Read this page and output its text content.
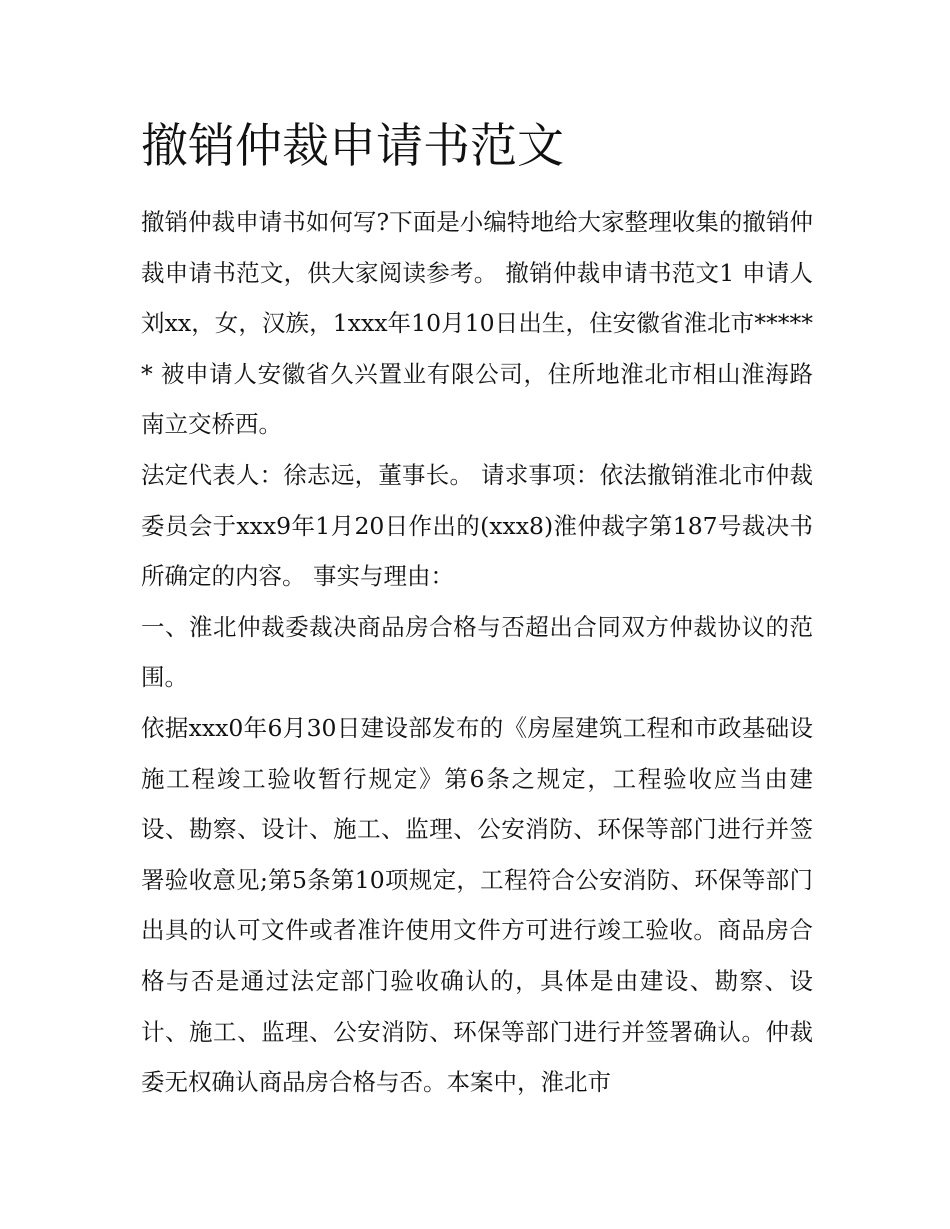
撤销仲裁申请书范文

撤销仲裁申请书如何写?下面是小编特地给大家整理收集的撤销仲裁申请书范文，供大家阅读参考。 撤销仲裁申请书范文1 申请人刘xx，女，汉族，1xxx年10月10日出生，住安徽省淮北市****** 被申请人安徽省久兴置业有限公司，住所地淮北市相山淮海路南立交桥西。

法定代表人：徐志远，董事长。 请求事项：依法撤销淮北市仲裁委员会于xxx9年1月20日作出的(xxx8)淮仲裁字第187号裁决书所确定的内容。 事实与理由：

一、淮北仲裁委裁决商品房合格与否超出合同双方仲裁协议的范围。

依据xxx0年6月30日建设部发布的《房屋建筑工程和市政基础设施工程竣工验收暂行规定》第6条之规定，工程验收应当由建设、勘察、设计、施工、监理、公安消防、环保等部门进行并签署验收意见;第5条第10项规定，工程符合公安消防、环保等部门出具的认可文件或者准许使用文件方可进行竣工验收。商品房合格与否是通过法定部门验收确认的，具体是由建设、勘察、设计、施工、监理、公安消防、环保等部门进行并签署确认。仲裁委无权确认商品房合格与否。本案中，淮北市
